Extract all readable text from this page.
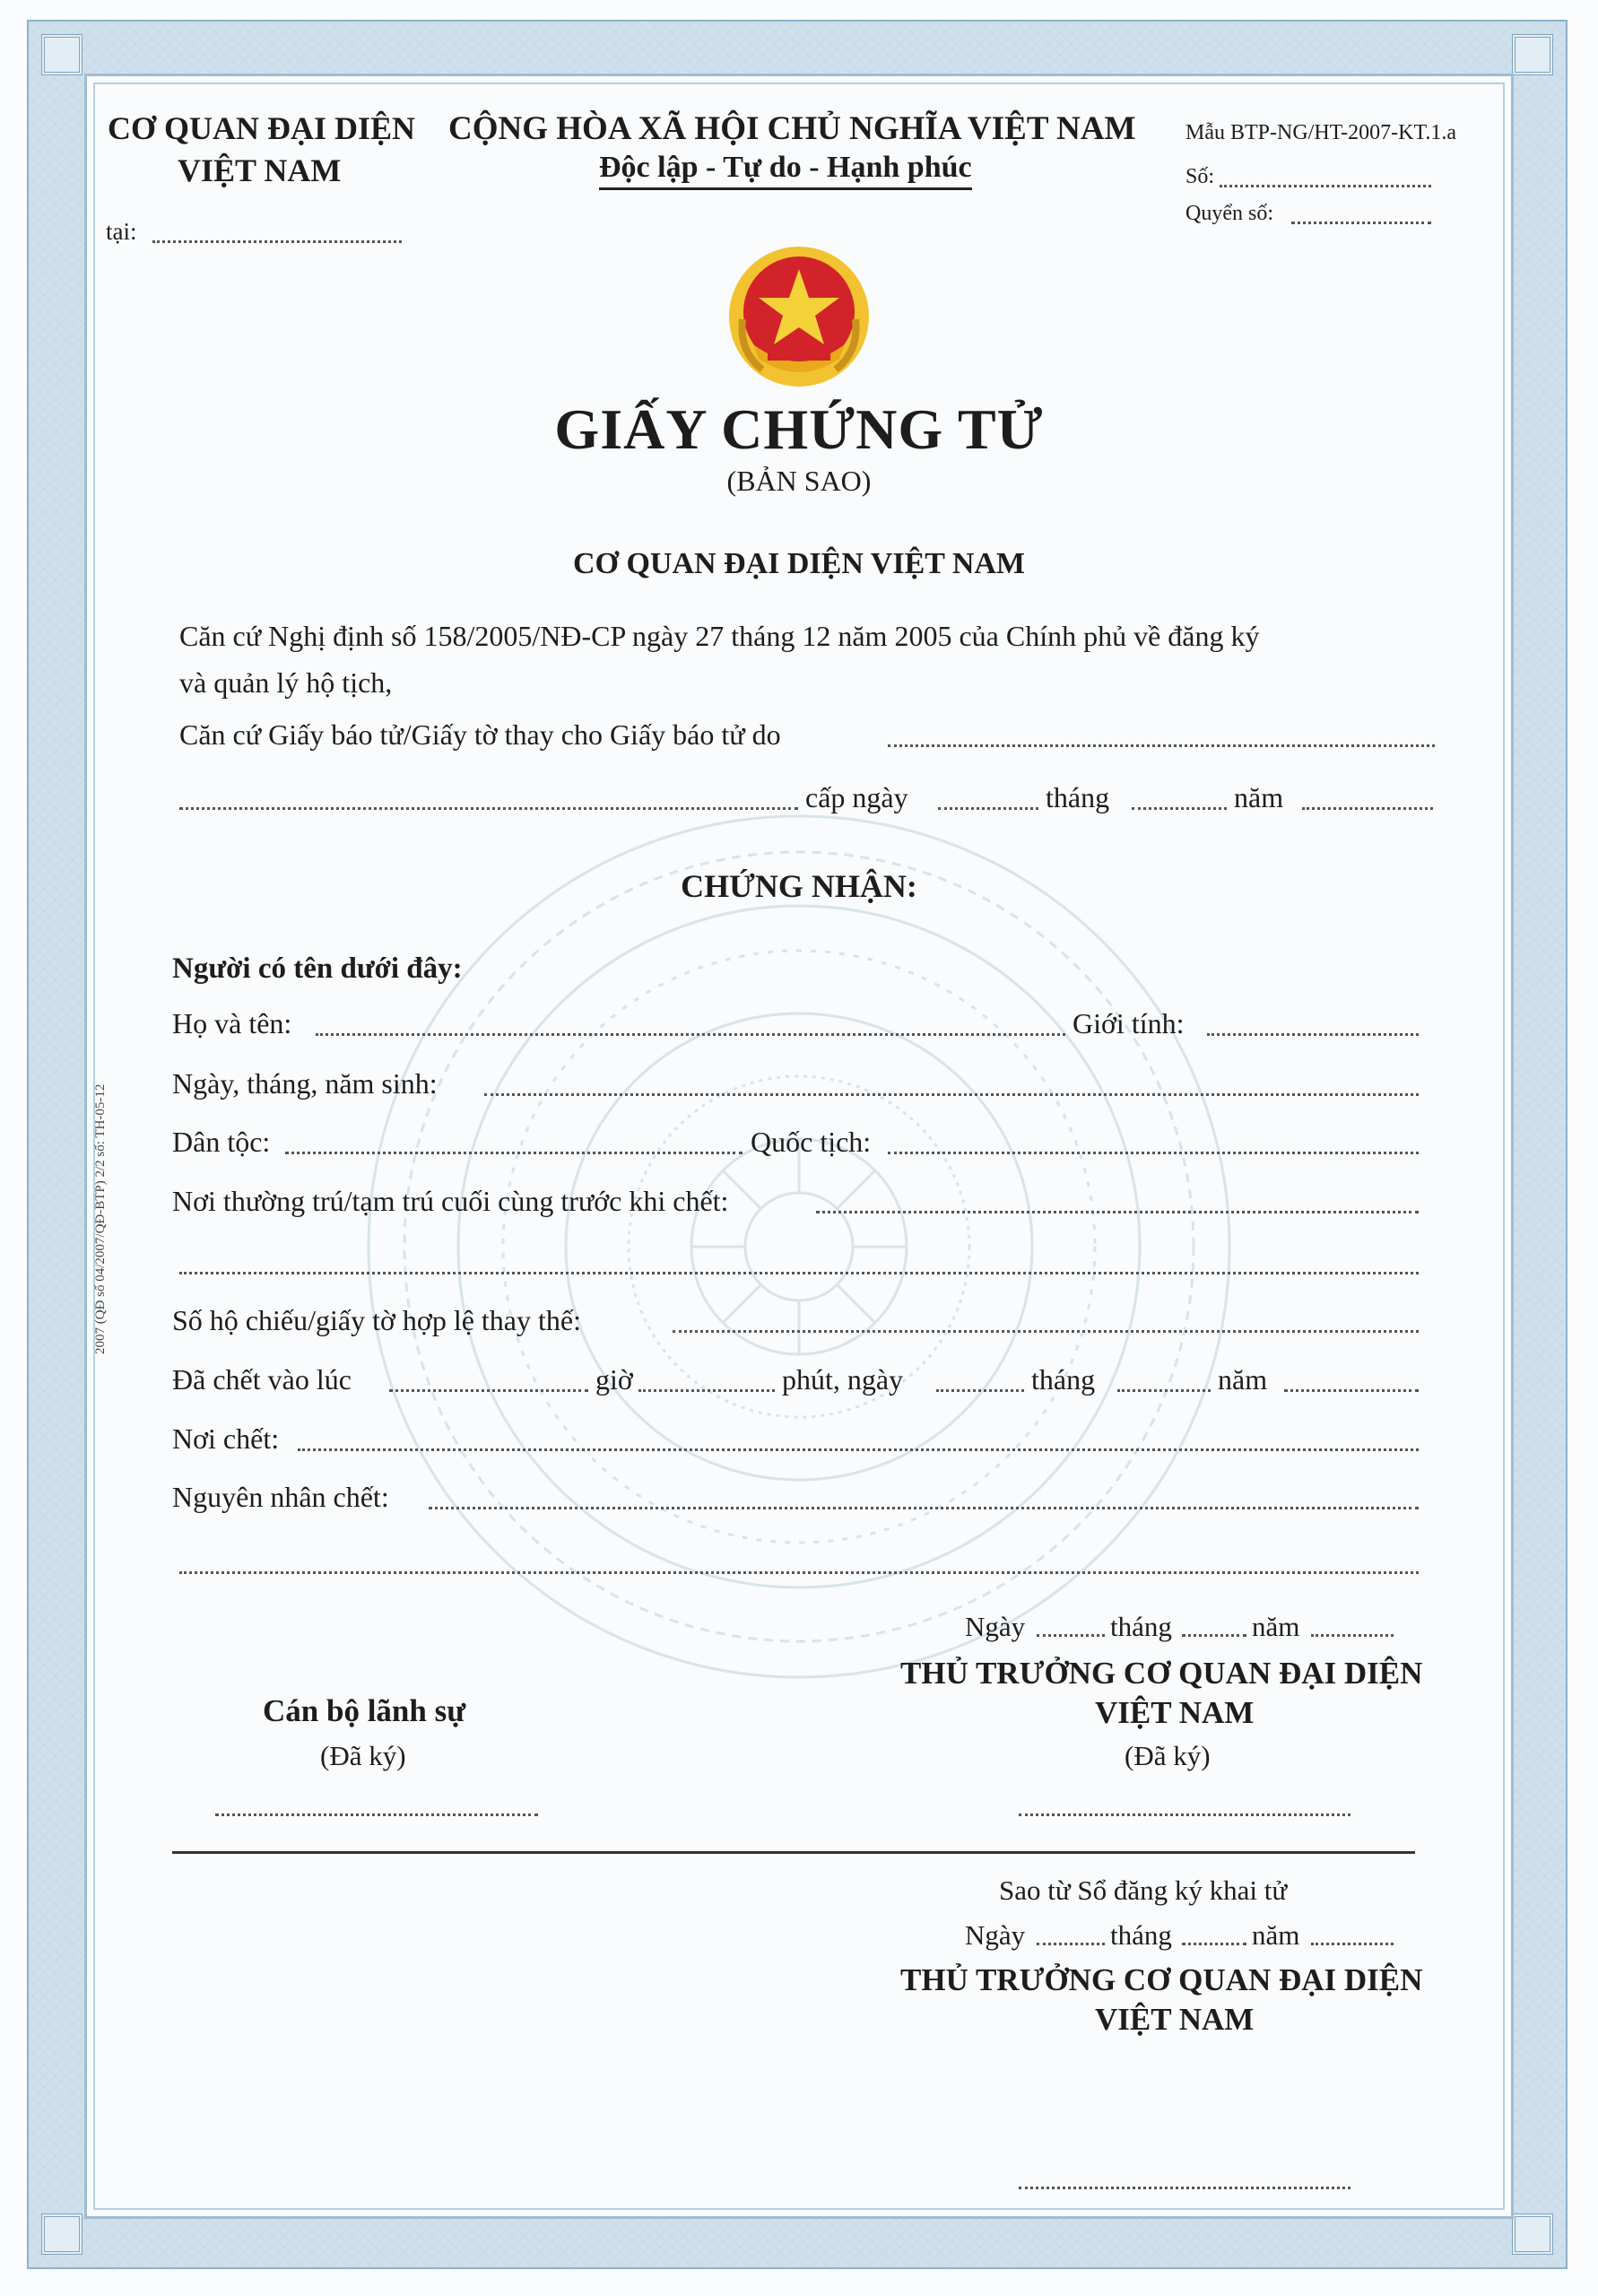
CƠ QUAN ĐẠI DIỆN
VIỆT NAM
tại:
CỘNG HÒA XÃ HỘI CHỦ NGHĨA VIỆT NAM
Độc lập - Tự do - Hạnh phúc
Mẫu BTP-NG/HT-2007-KT.1.a
Số:
Quyển số:
GIẤY CHỨNG TỬ
(BẢN SAO)
CƠ QUAN ĐẠI DIỆN VIỆT NAM
Căn cứ Nghị định số 158/2005/NĐ-CP ngày 27 tháng 12 năm 2005 của Chính phủ về đăng ký
và quản lý hộ tịch,
Căn cứ Giấy báo tử/Giấy tờ thay cho Giấy báo tử do
cấp ngày	tháng	năm
CHỨNG NHẬN:
Người có tên dưới đây:
Họ và tên:	Giới tính:
Ngày, tháng, năm sinh:
Dân tộc:	Quốc tịch:
Nơi thường trú/tạm trú cuối cùng trước khi chết:
Số hộ chiếu/giấy tờ hợp lệ thay thế:
Đã chết vào lúc	giờ	phút, ngày	tháng	năm
Nơi chết:
Nguyên nhân chết:
2007 (QĐ số 04/2007/QĐ-BTP) 2/2 số: TH-05-12
Ngày	tháng	năm
THỦ TRƯỞNG CƠ QUAN ĐẠI DIỆN
VIỆT NAM
(Đã ký)
Cán bộ lãnh sự
(Đã ký)
Sao từ Sổ đăng ký khai tử
Ngày	tháng	năm
THỦ TRƯỞNG CƠ QUAN ĐẠI DIỆN
VIỆT NAM
